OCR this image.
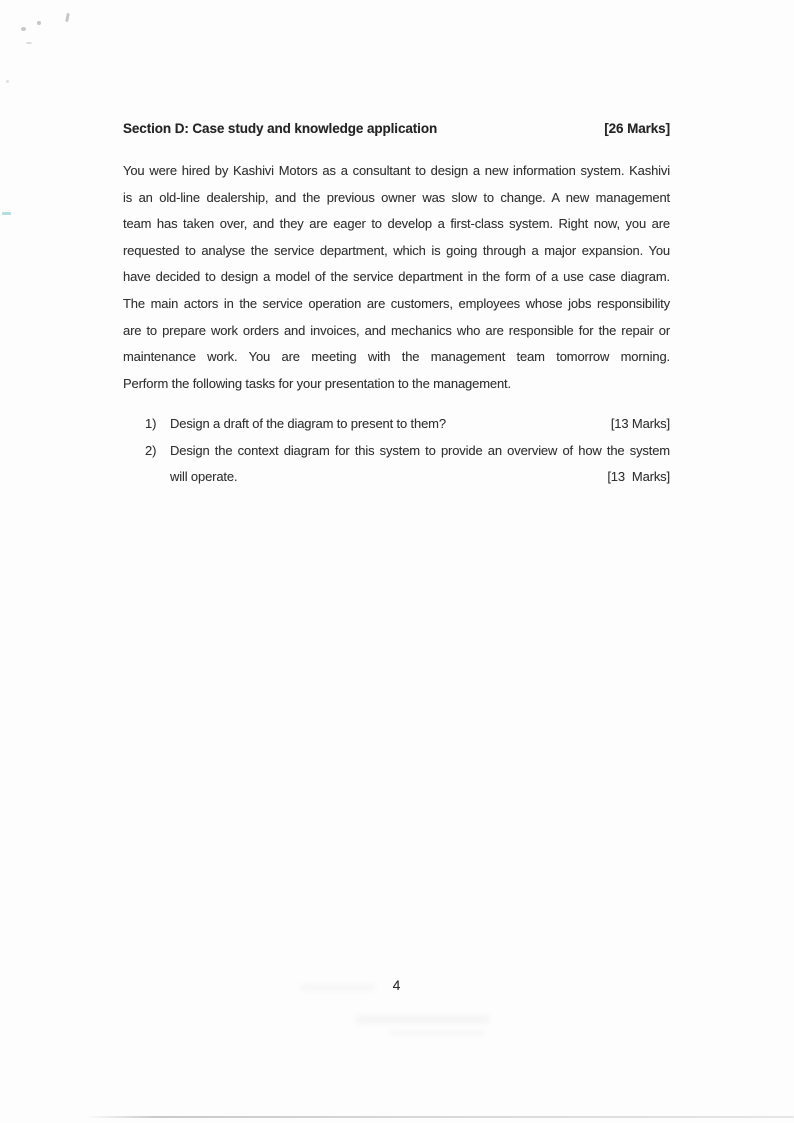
Section D: Case study and knowledge application	[26 Marks]
You were hired by Kashivi Motors as a consultant to design a new information system. Kashivi
is an old-line dealership, and the previous owner was slow to change. A new management
team has taken over, and they are eager to develop a first-class system. Right now, you are
requested to analyse the service department, which is going through a major expansion. You
have decided to design a model of the service department in the form of a use case diagram.
The main actors in the service operation are customers, employees whose jobs responsibility
are to prepare work orders and invoices, and mechanics who are responsible for the repair or
maintenance work. You are meeting with the management team tomorrow morning.
Perform the following tasks for your presentation to the management.
1) Design a draft of the diagram to present to them?	[13 Marks]
2) Design the context diagram for this system to provide an overview of how the system
will operate.	[13  Marks]
4
